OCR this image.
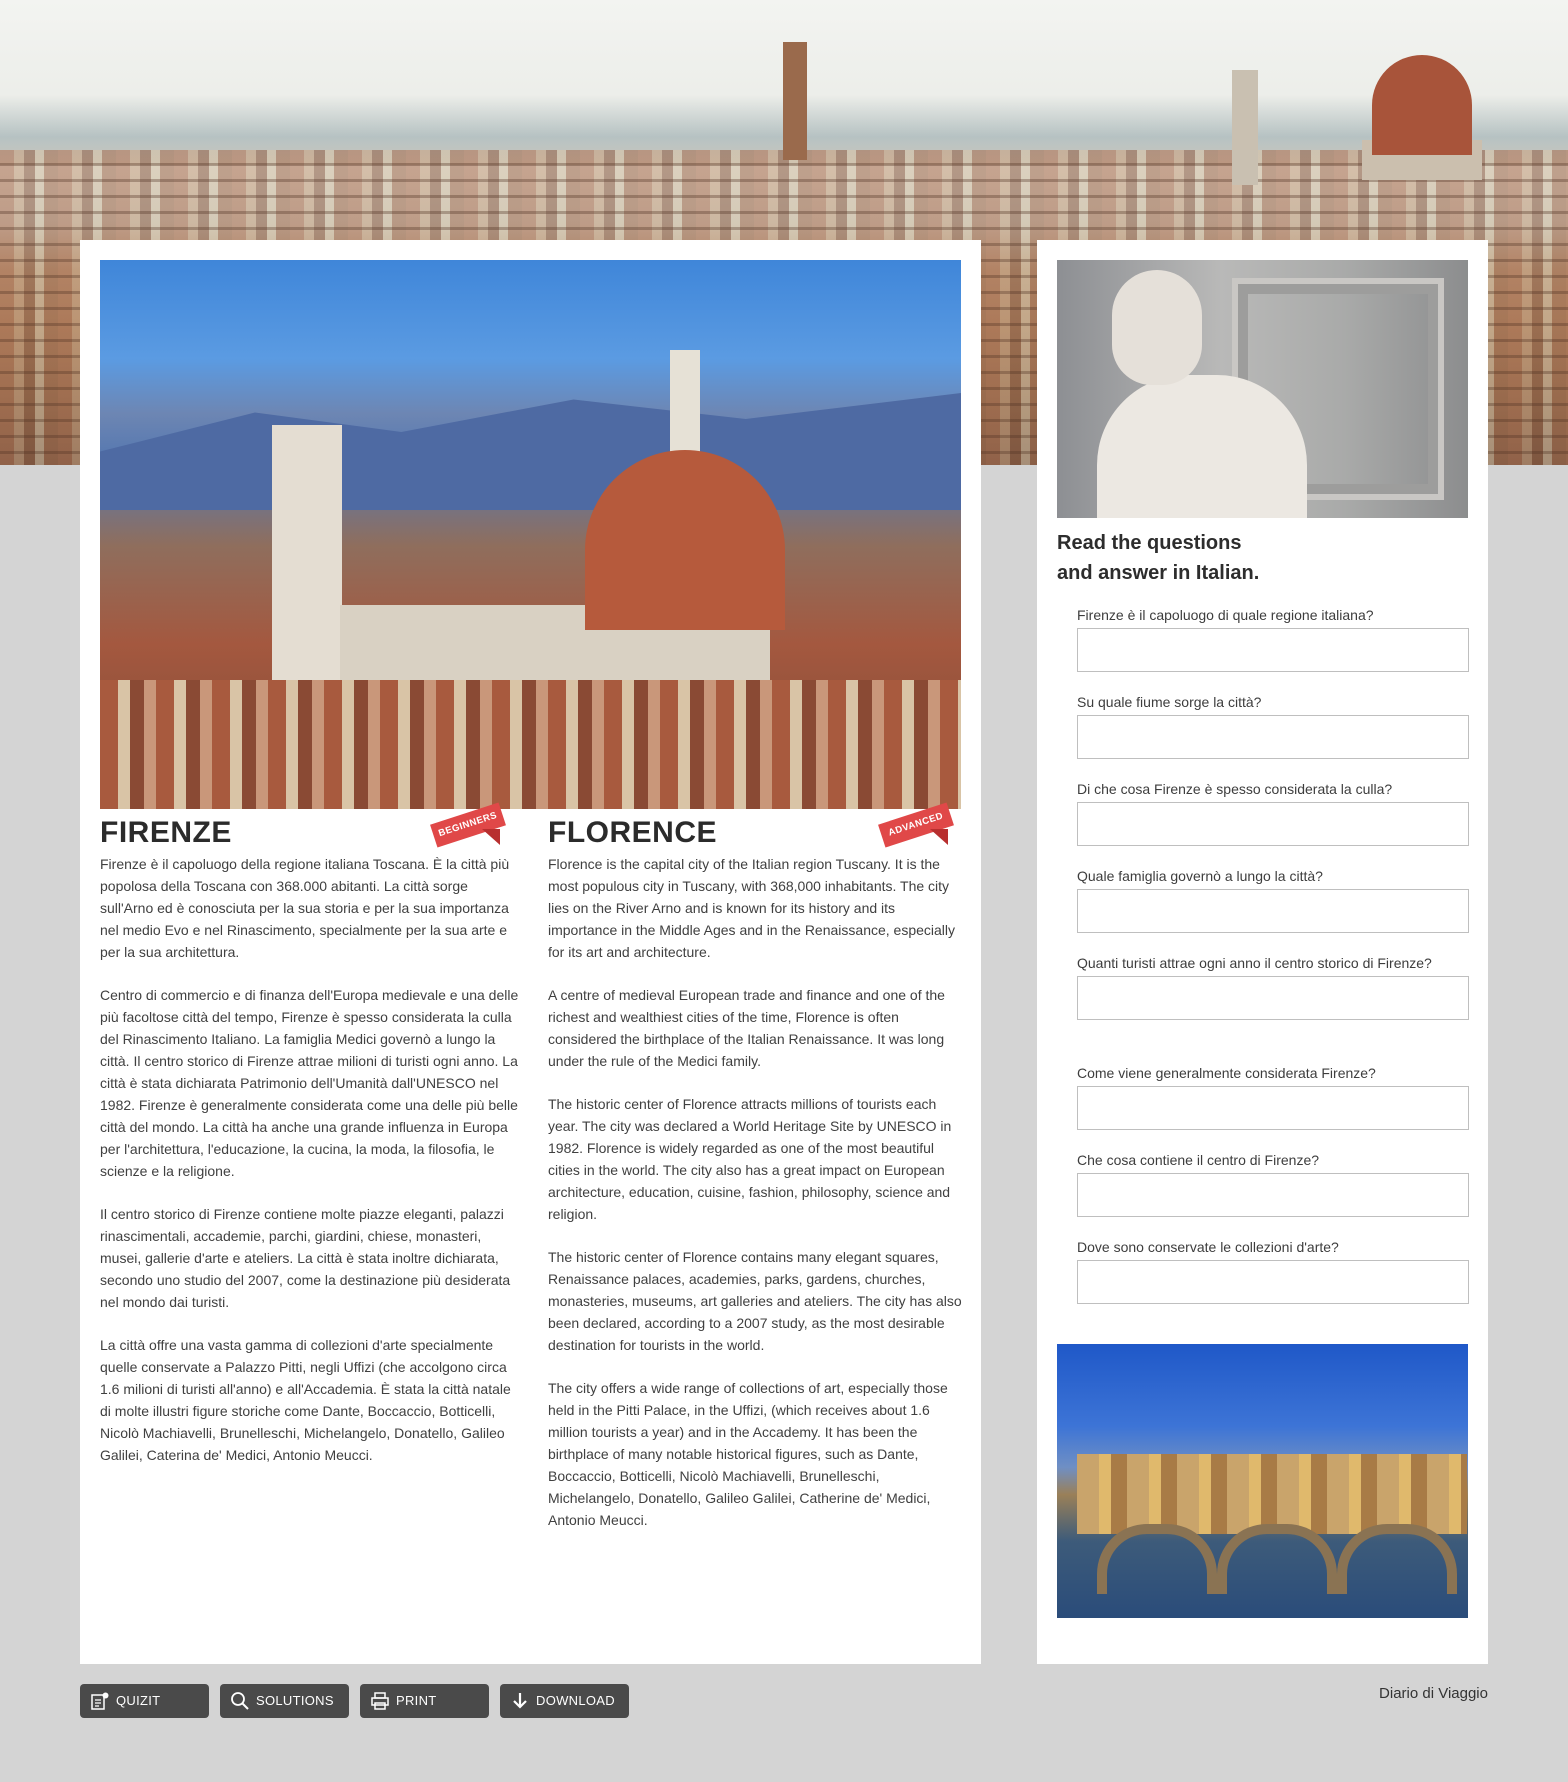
BEGINNERS	ADVANCED
FIRENZE

Firenze è il capoluogo della regione italiana Toscana. È la città più popolosa della Toscana con 368.000 abitanti. La città sorge sull'Arno ed è conosciuta per la sua storia e per la sua importanza nel medio Evo e nel Rinascimento, specialmente per la sua arte e per la sua architettura.

Centro di commercio e di finanza dell'Europa medievale e una delle più facoltose città del tempo, Firenze è spesso considerata la culla del Rinascimento Italiano. La famiglia Medici governò a lungo la città. Il centro storico di Firenze attrae milioni di turisti ogni anno. La città è stata dichiarata Patrimonio dell'Umanità dall'UNESCO nel 1982. Firenze è generalmente considerata come una delle più belle città del mondo. La città ha anche una grande influenza in Europa per l'architettura, l'educazione, la cucina, la moda, la filosofia, le scienze e la religione.

Il centro storico di Firenze contiene molte piazze eleganti, palazzi rinascimentali, accademie, parchi, giardini, chiese, monasteri, musei, gallerie d'arte e ateliers. La città è stata inoltre dichiarata, secondo uno studio del 2007, come la destinazione più desiderata nel mondo dai turisti.

La città offre una vasta gamma di collezioni d'arte specialmente quelle conservate a Palazzo Pitti, negli Uffizi (che accolgono circa 1.6 milioni di turisti all'anno) e all'Accademia. È stata la città natale di molte illustri figure storiche come Dante, Boccaccio, Botticelli, Nicolò Machiavelli, Brunelleschi, Michelangelo, Donatello, Galileo Galilei, Caterina de' Medici, Antonio Meucci.

FLORENCE

Florence is the capital city of the Italian region Tuscany. It is the most populous city in Tuscany, with 368,000 inhabitants. The city lies on the River Arno and is known for its history and its importance in the Middle Ages and in the Renaissance, especially for its art and architecture.

A centre of medieval European trade and finance and one of the richest and wealthiest cities of the time, Florence is often considered the birthplace of the Italian Renaissance. It was long under the rule of the Medici family.

The historic center of Florence attracts millions of tourists each year. The city was declared a World Heritage Site by UNESCO in 1982. Florence is widely regarded as one of the most beautiful cities in the world. The city also has a great impact on European architecture, education, cuisine, fashion, philosophy, science and religion.

The historic center of Florence contains many elegant squares, Renaissance palaces, academies, parks, gardens, churches, monasteries, museums, art galleries and ateliers. The city has also been declared, according to a 2007 study, as the most desirable destination for tourists in the world.

The city offers a wide range of collections of art, especially those held in the Pitti Palace, in the Uffizi, (which receives about 1.6 million tourists a year) and in the Accademy. It has been the birthplace of many notable historical figures, such as Dante, Boccaccio, Botticelli, Nicolò Machiavelli, Brunelleschi, Michelangelo, Donatello, Galileo Galilei, Catherine de' Medici, Antonio Meucci.

Read the questions
and answer in Italian.
Firenze è il capoluogo di quale regione italiana?
Su quale fiume sorge la città?
Di che cosa Firenze è spesso considerata la culla?
Quale famiglia governò a lungo la città?
Quanti turisti attrae ogni anno il centro storico di Firenze?
Come viene generalmente considerata Firenze?
Che cosa contiene il centro di Firenze?
Dove sono conservate le collezioni d'arte?
QUIZIT	SOLUTIONS	PRINT	DOWNLOAD	Diario di Viaggio
